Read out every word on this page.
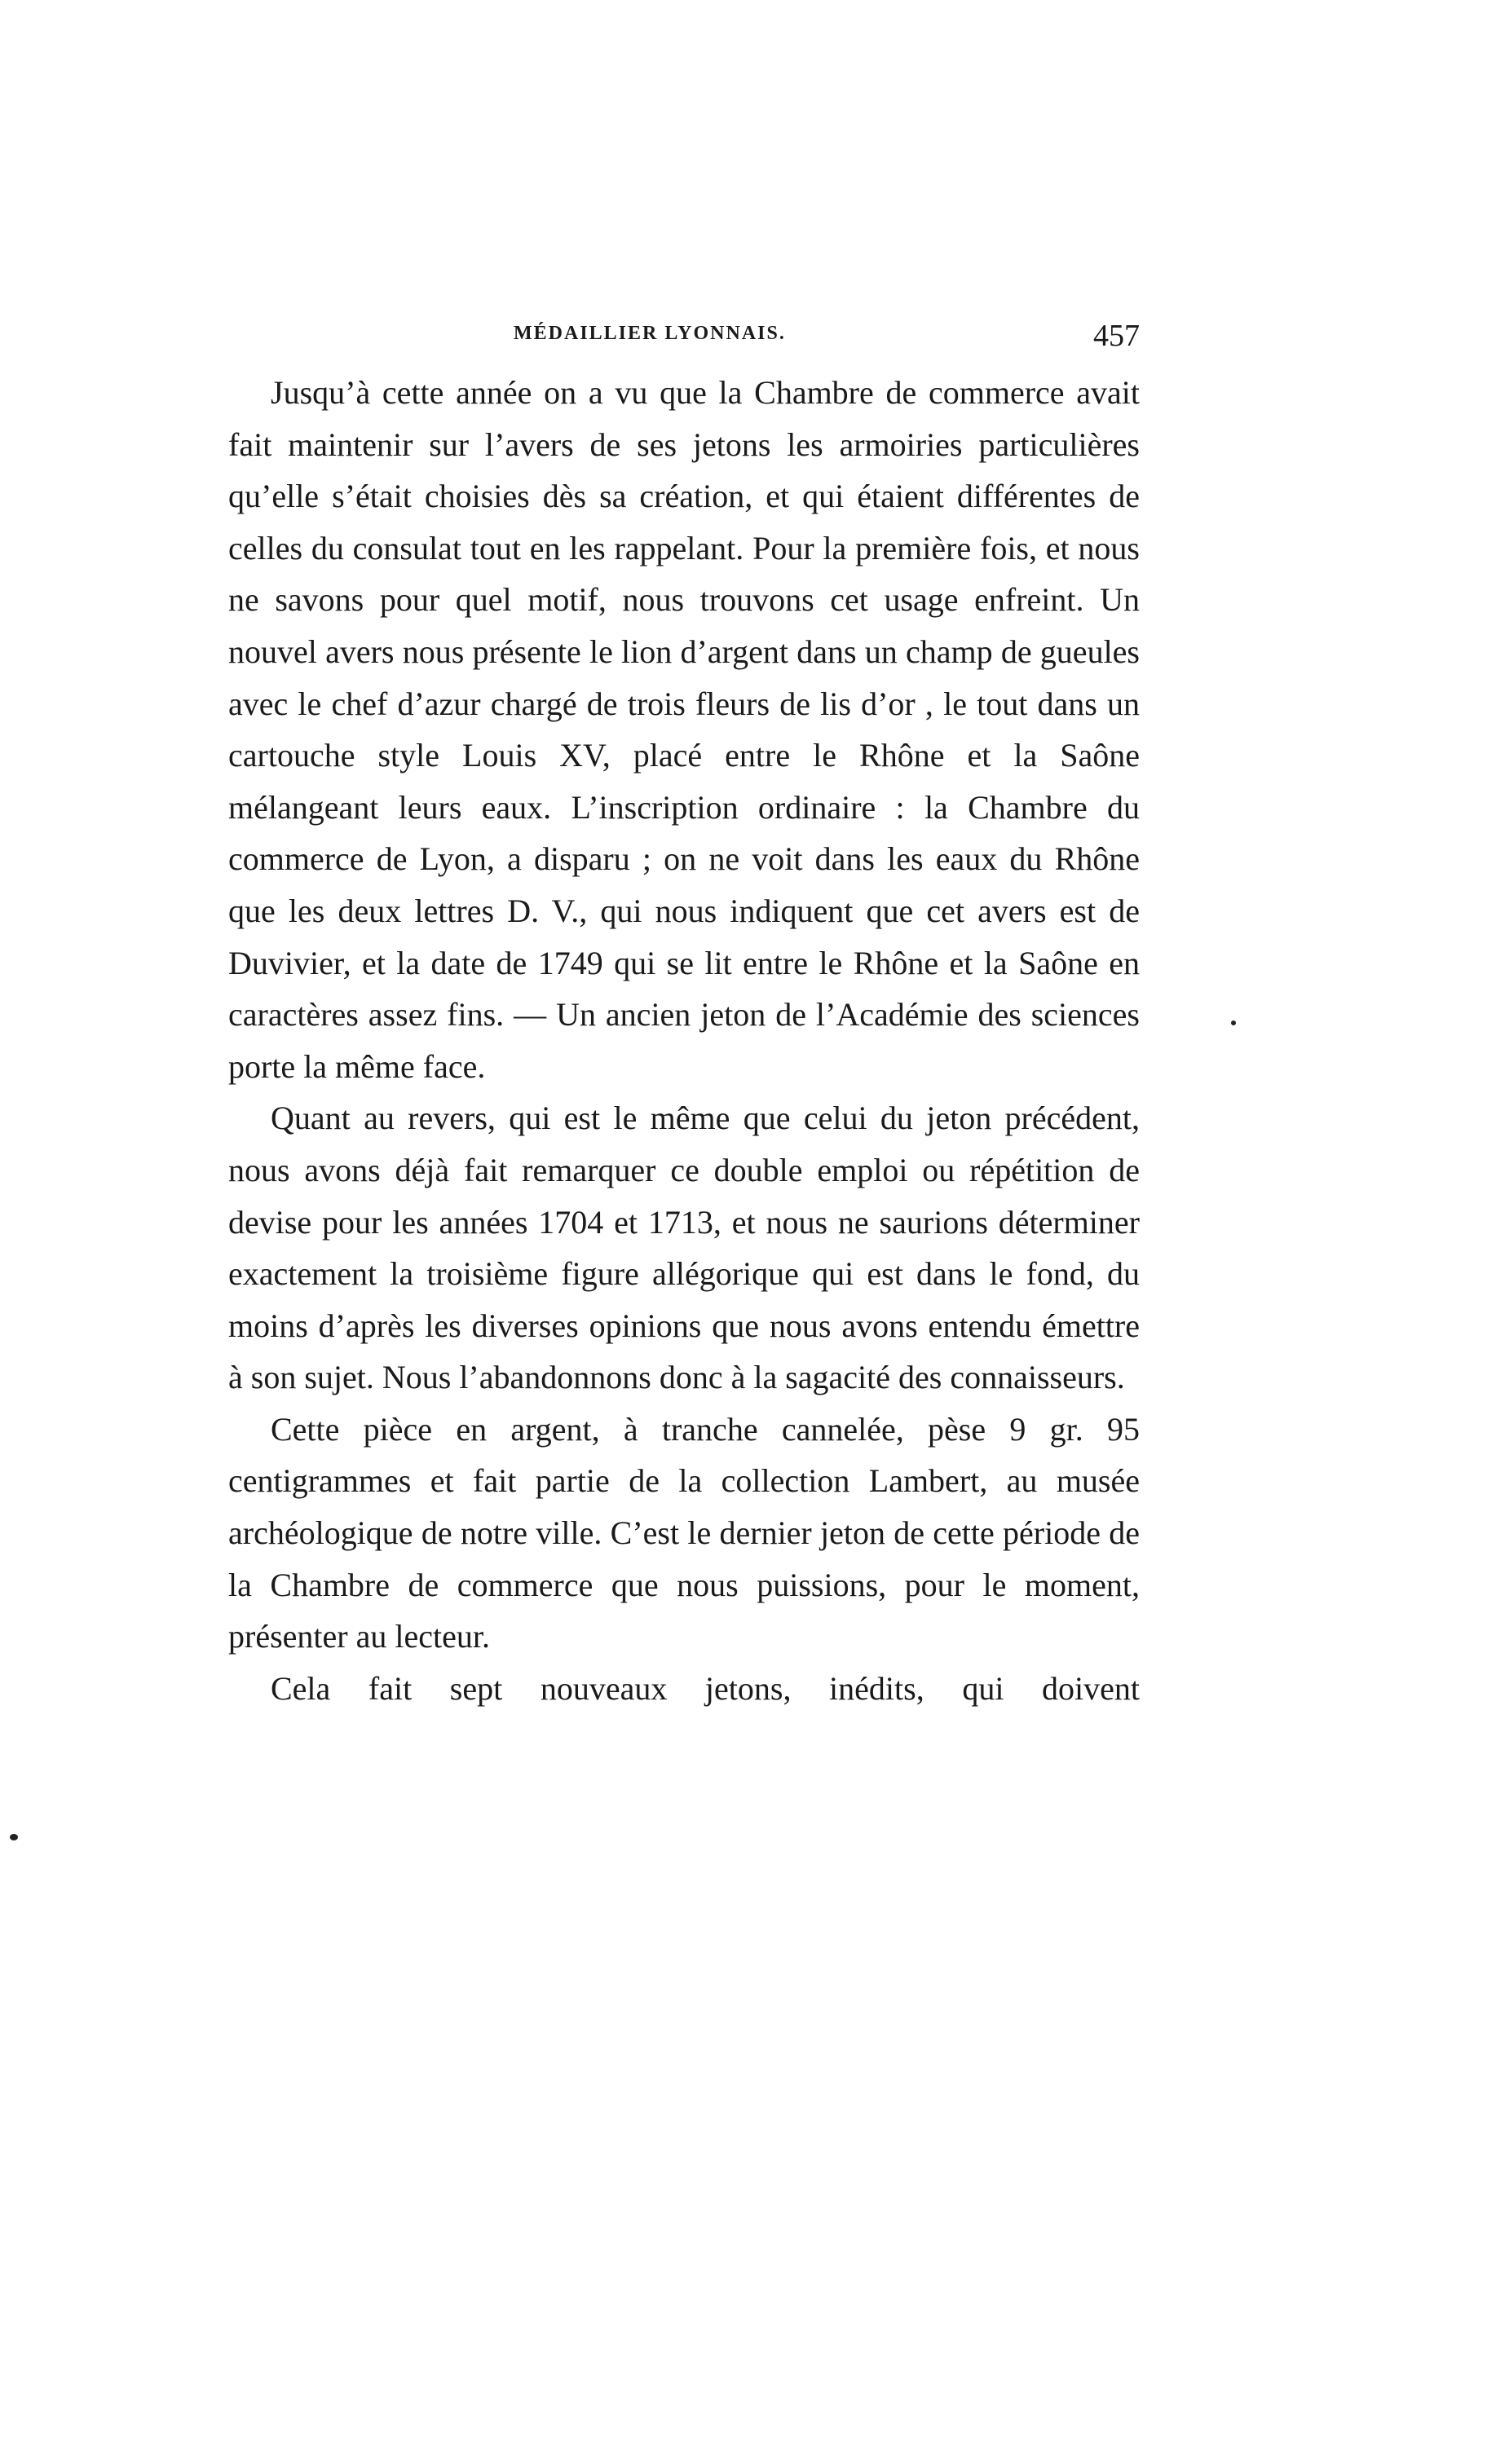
MÉDAILLIER LYONNAIS.	457

Jusqu’à cette année on a vu que la Chambre de commerce avait fait maintenir sur l’avers de ses jetons les armoiries particulières qu’elle s’était choisies dès sa création, et qui étaient différentes de celles du consulat tout en les rappelant. Pour la première fois, et nous ne savons pour quel motif, nous trouvons cet usage enfreint. Un nouvel avers nous présente le lion d’argent dans un champ de gueules avec le chef d’azur chargé de trois fleurs de lis d’or , le tout dans un cartouche style Louis XV, placé entre le Rhône et la Saône mélangeant leurs eaux. L’inscription ordinaire : la Chambre du commerce de Lyon, a disparu ; on ne voit dans les eaux du Rhône que les deux lettres D. V., qui nous indiquent que cet avers est de Duvivier, et la date de 1749 qui se lit entre le Rhône et la Saône en caractères assez fins. — Un ancien jeton de l’Académie des sciences porte la même face.

Quant au revers, qui est le même que celui du jeton précédent, nous avons déjà fait remarquer ce double emploi ou répétition de devise pour les années 1704 et 1713, et nous ne saurions déterminer exactement la troisième figure allégorique qui est dans le fond, du moins d’après les diverses opinions que nous avons entendu émettre à son sujet. Nous l’abandonnons donc à la sagacité des connaisseurs.

Cette pièce en argent, à tranche cannelée, pèse 9 gr. 95 centigrammes et fait partie de la collection Lambert, au musée archéologique de notre ville. C’est le dernier jeton de cette période de la Chambre de commerce que nous puissions, pour le moment, présenter au lecteur.

Cela fait sept nouveaux jetons, inédits, qui doivent
